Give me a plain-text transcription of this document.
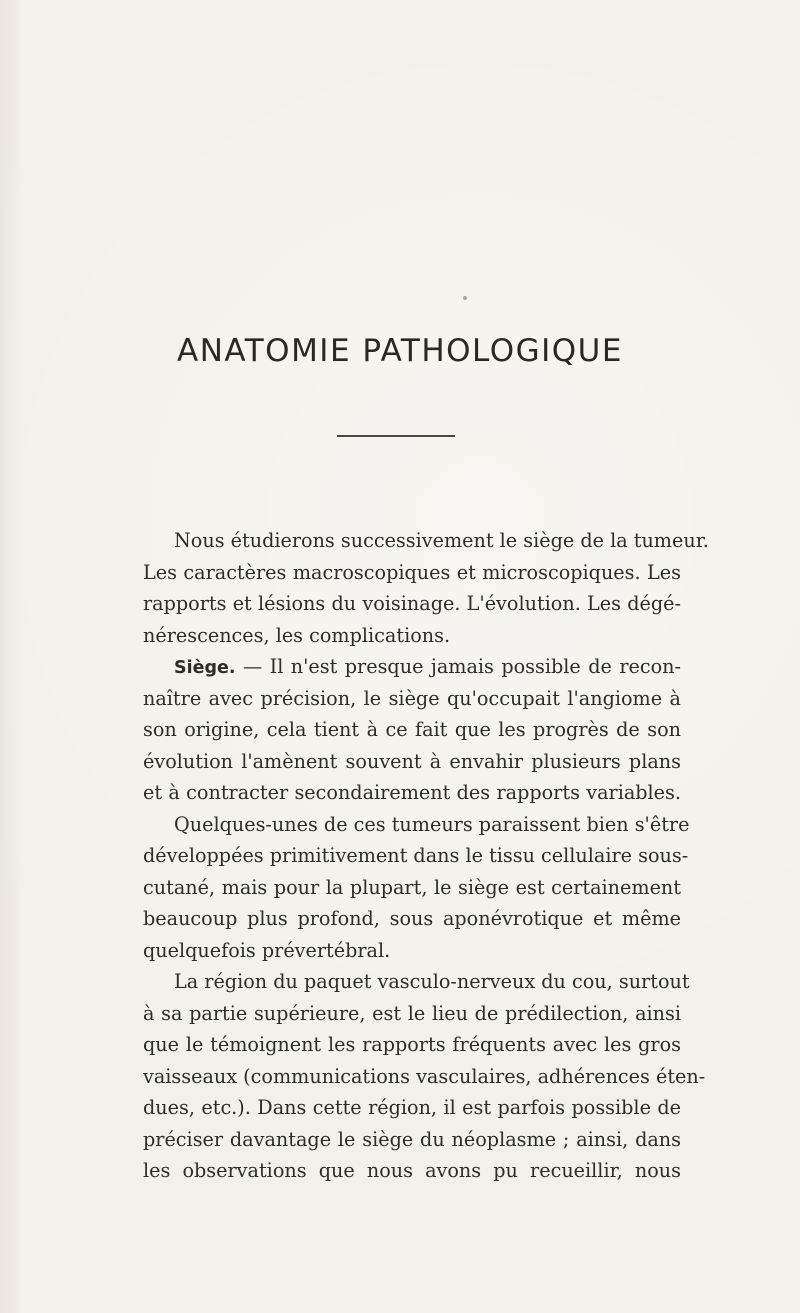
ANATOMIE PATHOLOGIQUE
Nous étudierons successivement le siège de la tumeur.
Les caractères macroscopiques et microscopiques. Les
rapports et lésions du voisinage. L'évolution. Les dégé-
nérescences, les complications.
Siège. — Il n'est presque jamais possible de recon-
naître avec précision, le siège qu'occupait l'angiome à
son origine, cela tient à ce fait que les progrès de son
évolution l'amènent souvent à envahir plusieurs plans
et à contracter secondairement des rapports variables.
Quelques-unes de ces tumeurs paraissent bien s'être
développées primitivement dans le tissu cellulaire sous-
cutané, mais pour la plupart, le siège est certainement
beaucoup plus profond, sous aponévrotique et même
quelquefois prévertébral.
La région du paquet vasculo-nerveux du cou, surtout
à sa partie supérieure, est le lieu de prédilection, ainsi
que le témoignent les rapports fréquents avec les gros
vaisseaux (communications vasculaires, adhérences éten-
dues, etc.). Dans cette région, il est parfois possible de
préciser davantage le siège du néoplasme ; ainsi, dans
les observations que nous avons pu recueillir, nous
